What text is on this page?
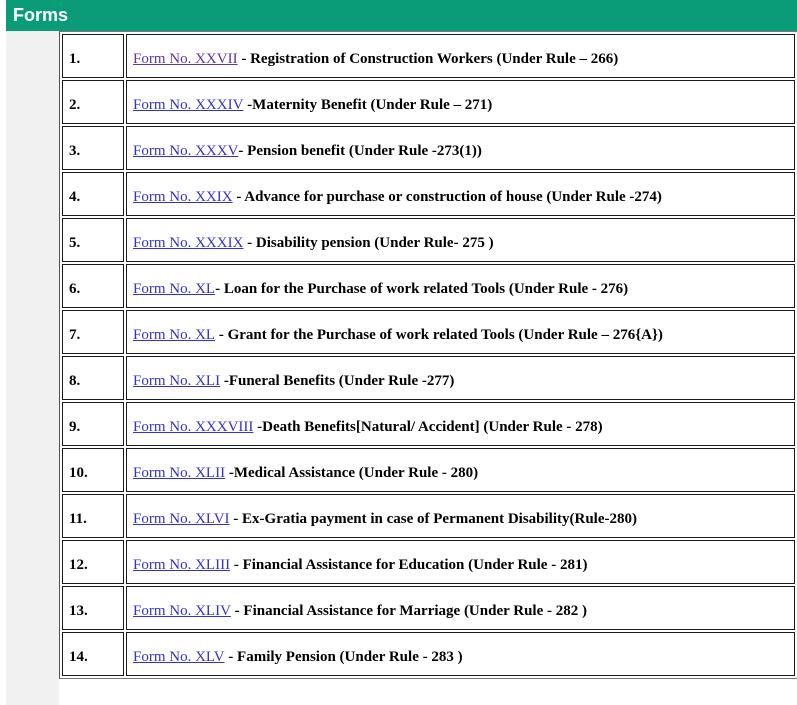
Forms
1.	Form No. XXVII - Registration of Construction Workers (Under Rule – 266)
2.	Form No. XXXIV -Maternity Benefit (Under Rule – 271)
3.	Form No. XXXV- Pension benefit (Under Rule -273(1))
4.	Form No. XXIX - Advance for purchase or construction of house (Under Rule -274)
5.	Form No. XXXIX - Disability pension (Under Rule- 275 )
6.	Form No. XL- Loan for the Purchase of work related Tools (Under Rule - 276)
7.	Form No. XL - Grant for the Purchase of work related Tools (Under Rule – 276{A})
8.	Form No. XLI -Funeral Benefits (Under Rule -277)
9.	Form No. XXXVIII -Death Benefits[Natural/ Accident] (Under Rule - 278)
10.	Form No. XLII -Medical Assistance (Under Rule - 280)
11.	Form No. XLVI - Ex-Gratia payment in case of Permanent Disability(Rule-280)
12.	Form No. XLIII - Financial Assistance for Education (Under Rule - 281)
13.	Form No. XLIV - Financial Assistance for Marriage (Under Rule - 282 )
14.	Form No. XLV - Family Pension (Under Rule - 283 )
